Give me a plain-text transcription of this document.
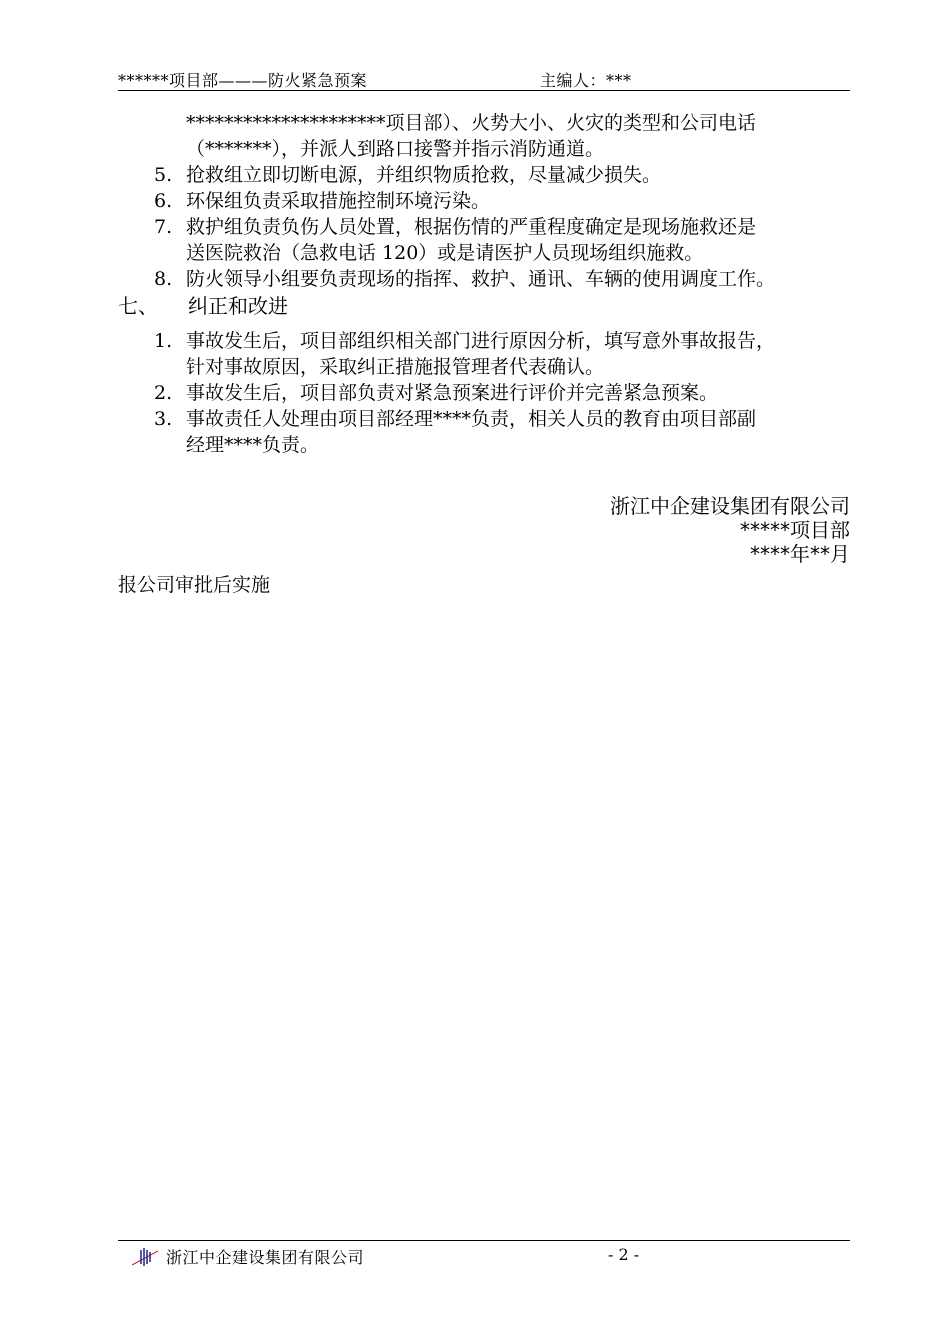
******项目部———防火紧急预案	主编人：***
*********************项目部）、火势大小、火灾的类型和公司电话
（*******），并派人到路口接警并指示消防通道。
5. 抢救组立即切断电源，并组织物质抢救，尽量减少损失。
6. 环保组负责采取措施控制环境污染。
7. 救护组负责负伤人员处置，根据伤情的严重程度确定是现场施救还是
送医院救治（急救电话 120）或是请医护人员现场组织施救。
8. 防火领导小组要负责现场的指挥、救护、通讯、车辆的使用调度工作。
七、 纠正和改进
1. 事故发生后，项目部组织相关部门进行原因分析，填写意外事故报告，
针对事故原因，采取纠正措施报管理者代表确认。
2. 事故发生后，项目部负责对紧急预案进行评价并完善紧急预案。
3. 事故责任人处理由项目部经理****负责，相关人员的教育由项目部副
经理****负责。
浙江中企建设集团有限公司
*****项目部
****年**月
报公司审批后实施
浙江中企建设集团有限公司	- 2 -
